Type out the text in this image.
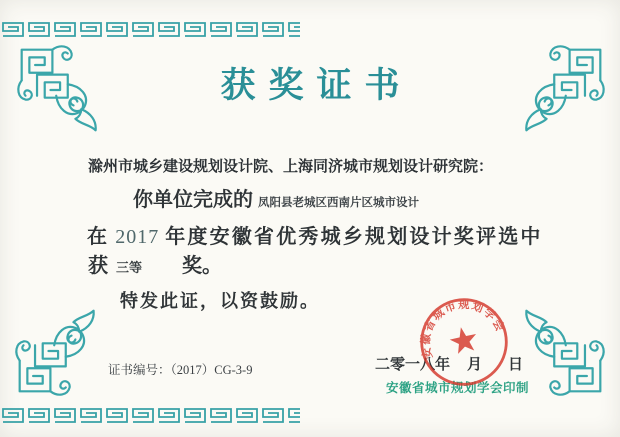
获奖证书
滁州市城乡建设规划设计院、上海同济城市规划设计研究院：
你单位完成的 凤阳县老城区西南片区城市设计
在 2017 年度安徽省优秀城乡规划设计奖评选中
获三等 奖。
特发此证，以资鼓励。
证书编号：（2017）CG-3-9	二零一八年 月 日
安徽省城市规划学会印制
安徽省城市规划学会
